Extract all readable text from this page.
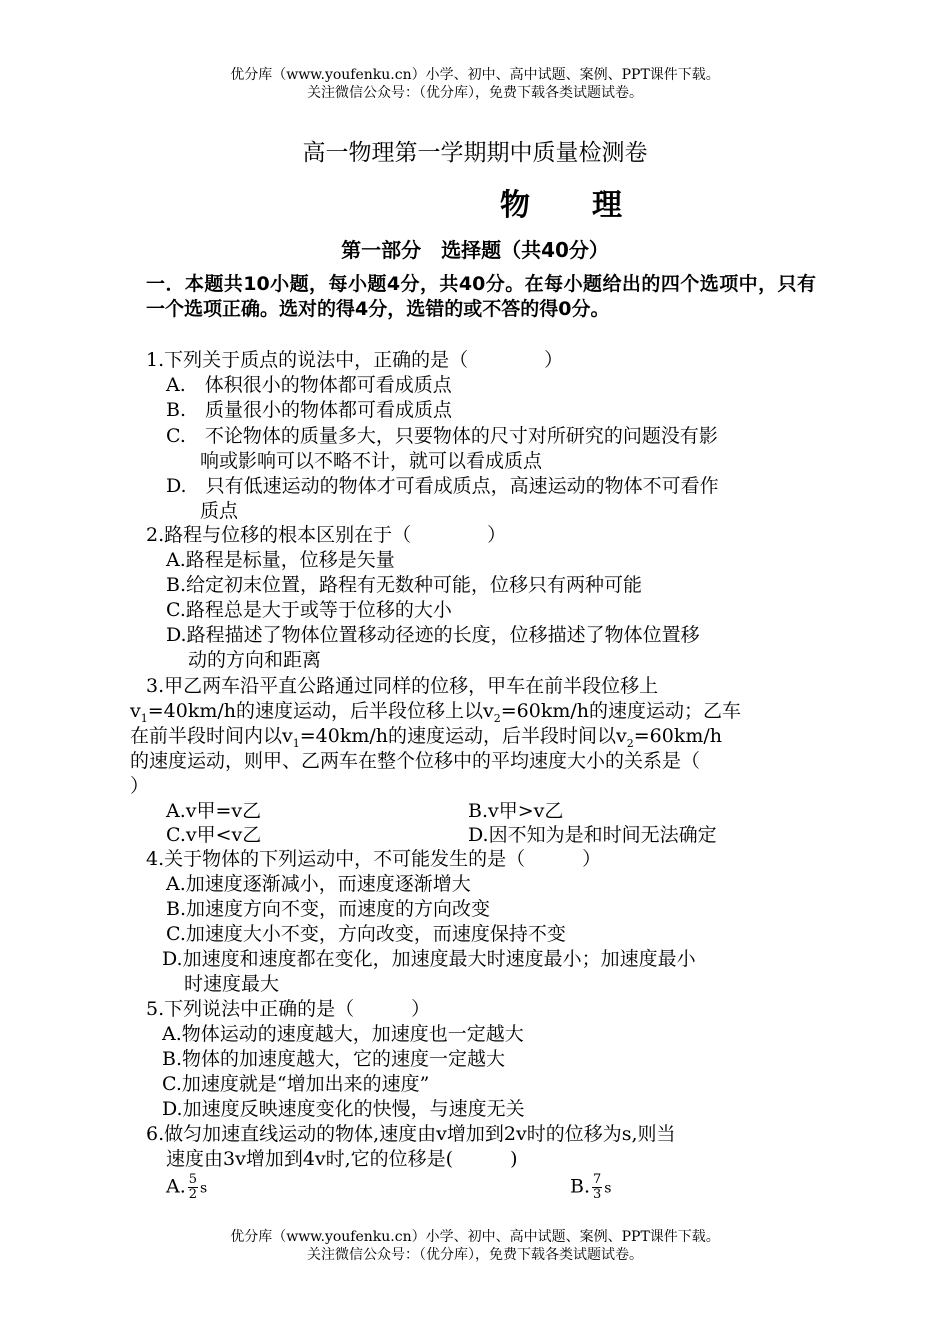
优分库（www.youfenku.cn）小学、初中、高中试题、案例、PPT课件下载。
关注微信公众号：（优分库），免费下载各类试题试卷。
高一物理第一学期期中质量检测卷
物 理
第一部分　选择题（共40分）
一．本题共10小题，每小题4分，共40分。在每小题给出的四个选项中，只有一个选项正确。选对的得4分，选错的或不答的得0分。
1.下列关于质点的说法中，正确的是（　　　　）
A.　体积很小的物体都可看成质点
B.　质量很小的物体都可看成质点
C.　不论物体的质量多大，只要物体的尺寸对所研究的问题没有影
响或影响可以不略不计，就可以看成质点
D.　只有低速运动的物体才可看成质点，高速运动的物体不可看作
质点
2.路程与位移的根本区别在于（　　　　）
A.路程是标量，位移是矢量
B.给定初末位置，路程有无数种可能，位移只有两种可能
C.路程总是大于或等于位移的大小
D.路程描述了物体位置移动径迹的长度，位移描述了物体位置移
动的方向和距离
3.甲乙两车沿平直公路通过同样的位移，甲车在前半段位移上
$v_1=40km/h$的速度运动，后半段位移上以$v_2=60km/h$的速度运动；乙车
在前半段时间内以$v_1=40km/h$的速度运动，后半段时间以$v_2=60km/h$
的速度运动，则甲、乙两车在整个位移中的平均速度大小的关系是（
）
A.v甲=v乙	B.v甲>v乙
C.v甲<v乙	D.因不知为是和时间无法确定
4.关于物体的下列运动中，不可能发生的是（　　　）
A.加速度逐渐减小，而速度逐渐增大
B.加速度方向不变，而速度的方向改变
C.加速度大小不变，方向改变，而速度保持不变
D.加速度和速度都在变化，加速度最大时速度最小；加速度最小
时速度最大
5.下列说法中正确的是（　　　）
A.物体运动的速度越大，加速度也一定越大
B.物体的加速度越大，它的速度一定越大
C.加速度就是“增加出来的速度”
D.加速度反映速度变化的快慢，与速度无关
6.做匀加速直线运动的物体,速度由v增加到2v时的位移为s,则当
速度由3v增加到4v时,它的位移是(　　　)
A. $\frac{5}{2}$ s	B. $\frac{7}{3}$ s
优分库（www.youfenku.cn）小学、初中、高中试题、案例、PPT课件下载。
关注微信公众号：（优分库），免费下载各类试题试卷。
